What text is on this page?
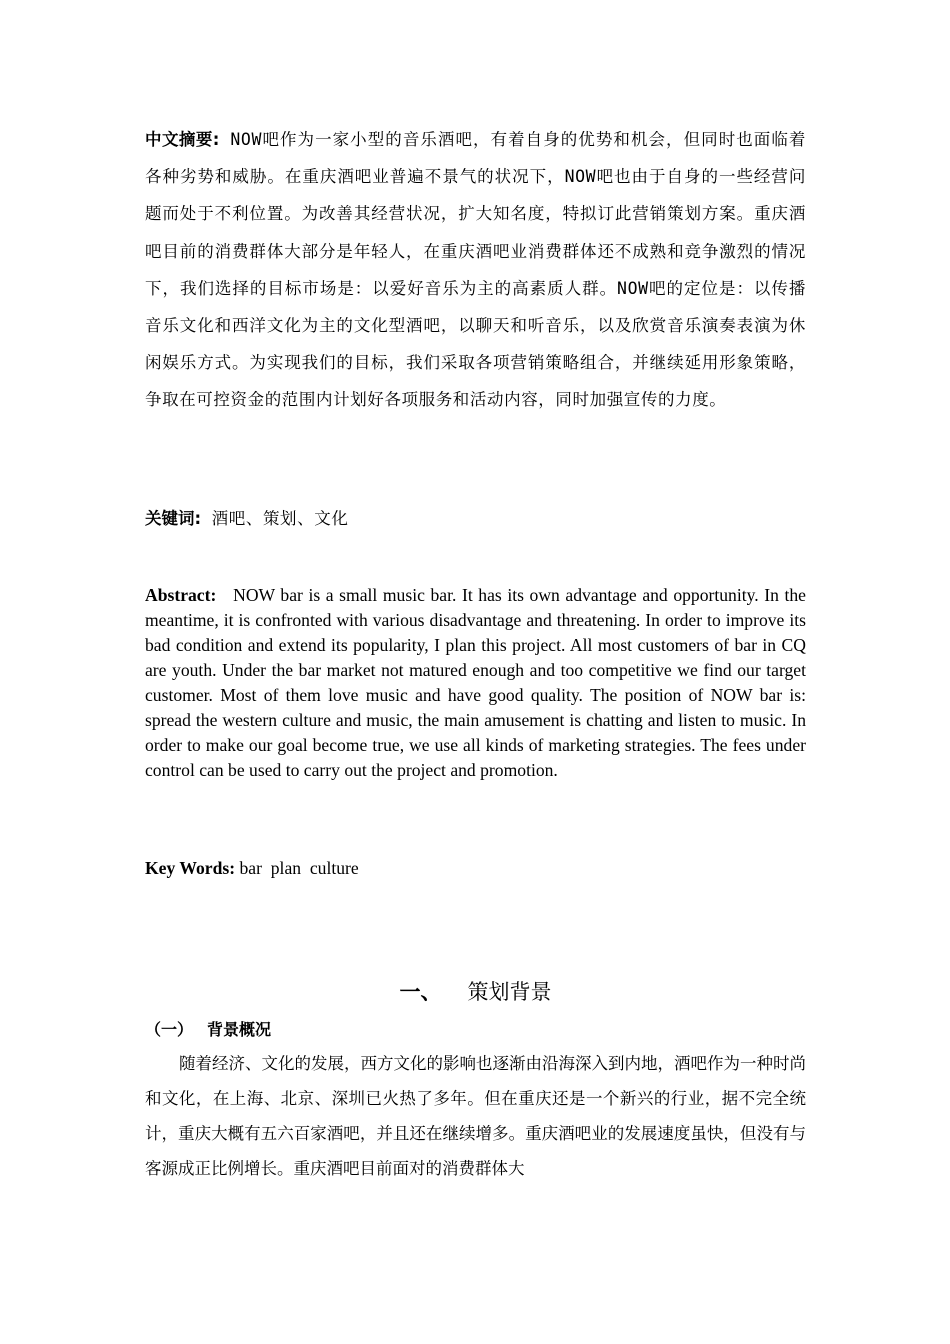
中文摘要: NOW吧作为一家小型的音乐酒吧，有着自身的优势和机会，但同时也面临着各种劣势和威胁。在重庆酒吧业普遍不景气的状况下，NOW吧也由于自身的一些经营问题而处于不利位置。为改善其经营状况，扩大知名度，特拟订此营销策划方案。重庆酒吧目前的消费群体大部分是年轻人，在重庆酒吧业消费群体还不成熟和竞争激烈的情况下，我们选择的目标市场是：以爱好音乐为主的高素质人群。NOW吧的定位是：以传播音乐文化和西洋文化为主的文化型酒吧，以聊天和听音乐，以及欣赏音乐演奏表演为休闲娱乐方式。为实现我们的目标，我们采取各项营销策略组合，并继续延用形象策略，争取在可控资金的范围内计划好各项服务和活动内容，同时加强宣传的力度。
关键词: 酒吧、策划、文化
Abstract: NOW bar is a small music bar. It has its own advantage and opportunity. In the meantime, it is confronted with various disadvantage and threatening. In order to improve its bad condition and extend its popularity, I plan this project. All most customers of bar in CQ are youth. Under the bar market not matured enough and too competitive we find our target customer. Most of them love music and have good quality. The position of NOW bar is: spread the western culture and music, the main amusement is chatting and listen to music. In order to make our goal become true, we use all kinds of marketing strategies. The fees under control can be used to carry out the project and promotion.
Key Words: bar  plan  culture
一、 策划背景
（一） 背景概况
随着经济、文化的发展，西方文化的影响也逐渐由沿海深入到内地，酒吧作为一种时尚和文化，在上海、北京、深圳已火热了多年。但在重庆还是一个新兴的行业，据不完全统计，重庆大概有五六百家酒吧，并且还在继续增多。重庆酒吧业的发展速度虽快，但没有与客源成正比例增长。重庆酒吧目前面对的消费群体大
